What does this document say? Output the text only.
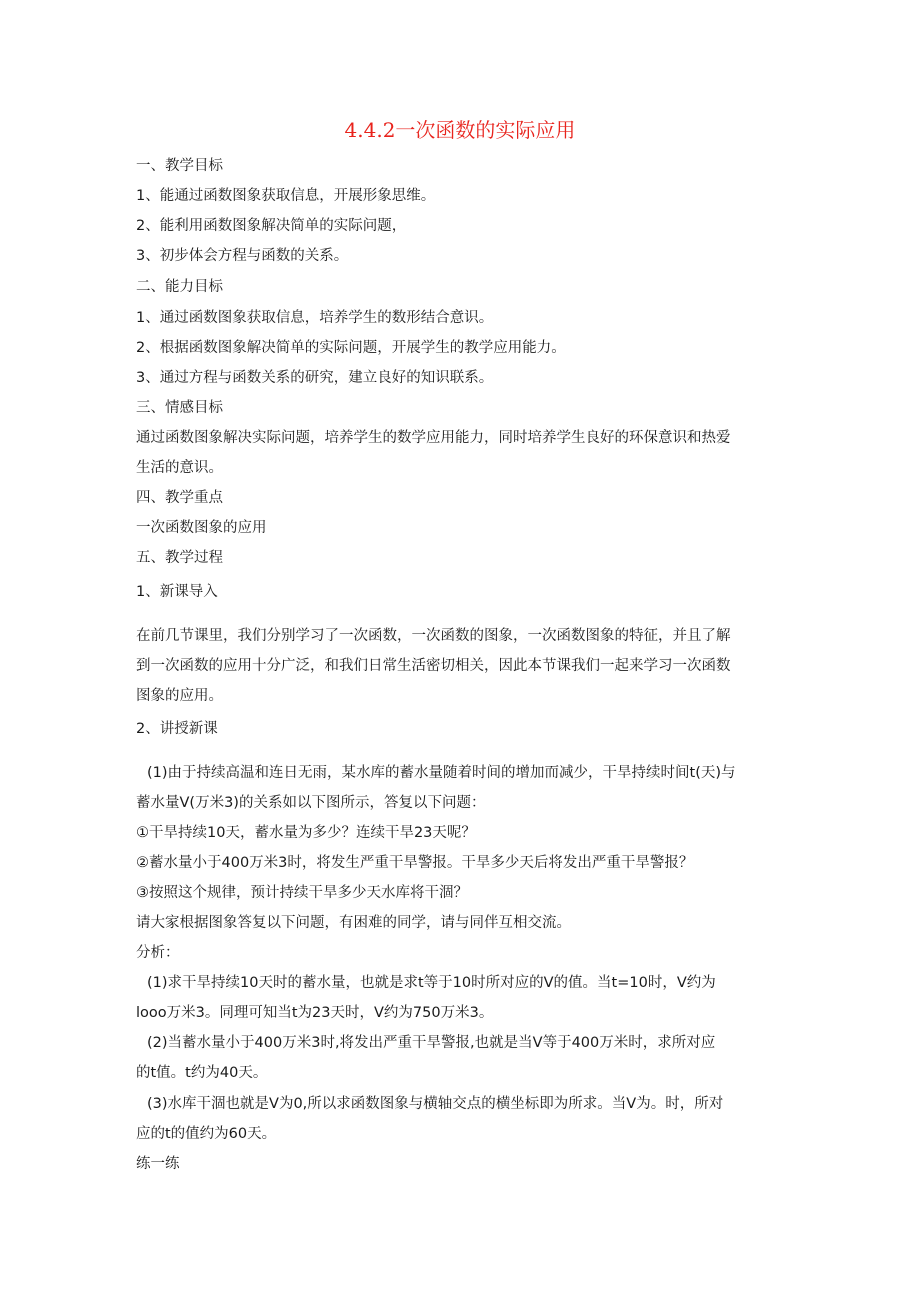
4.4.2一次函数的实际应用
一、教学目标
1、能通过函数图象获取信息，开展形象思维。
2、能利用函数图象解决简单的实际问题，
3、初步体会方程与函数的关系。
二、能力目标
1、通过函数图象获取信息，培养学生的数形结合意识。
2、根据函数图象解决简单的实际问题，开展学生的教学应用能力。
3、通过方程与函数关系的研究，建立良好的知识联系。
三、情感目标
通过函数图象解决实际问题，培养学生的数学应用能力，同时培养学生良好的环保意识和热爱
生活的意识。
四、教学重点
一次函数图象的应用
五、教学过程
1、新课导入
在前几节课里，我们分别学习了一次函数，一次函数的图象，一次函数图象的特征，并且了解
到一次函数的应用十分广泛，和我们日常生活密切相关，因此本节课我们一起来学习一次函数
图象的应用。
2、讲授新课
(1)由于持续高温和连日无雨，某水库的蓄水量随着时间的增加而减少，干旱持续时间t(天)与
蓄水量V(万米3)的关系如以下图所示，答复以下问题：
①干旱持续10天，蓄水量为多少？连续干旱23天呢？
②蓄水量小于400万米3时，将发生严重干旱警报。干旱多少天后将发出严重干旱警报？
③按照这个规律，预计持续干旱多少天水库将干涸？
请大家根据图象答复以下问题，有困难的同学，请与同伴互相交流。
分析：
(1)求干旱持续10天时的蓄水量，也就是求t等于10时所对应的V的值。当t=10时，V约为
looo万米3。同理可知当t为23天时，V约为750万米3。
(2)当蓄水量小于400万米3时,将发出严重干旱警报,也就是当V等于400万米时，求所对应
的t值。t约为40天。
(3)水库干涸也就是V为0,所以求函数图象与横轴交点的横坐标即为所求。当V为。时，所对
应的t的值约为60天。
练一练
